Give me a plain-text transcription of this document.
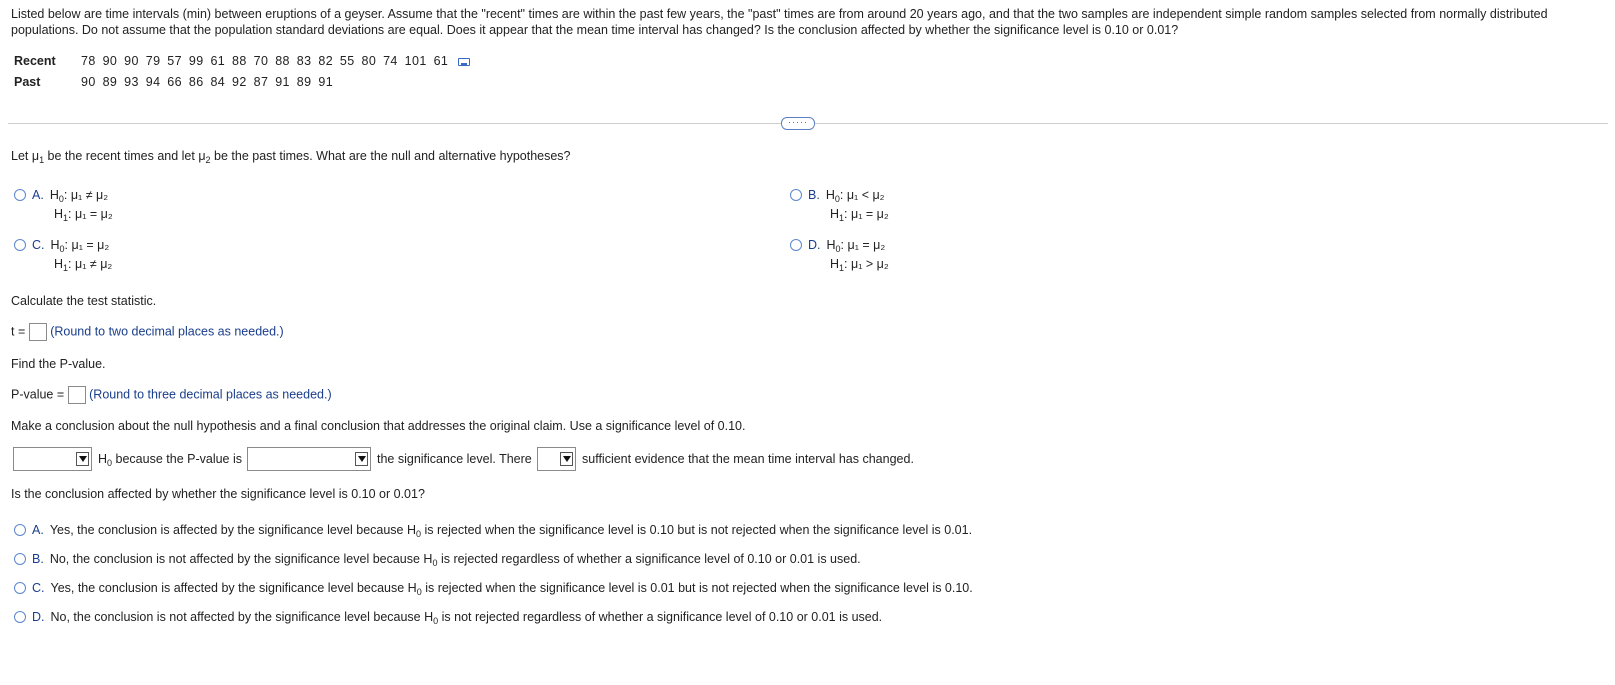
Listed below are time intervals (min) between eruptions of a geyser. Assume that the "recent" times are within the past few years, the "past" times are from around 20 years ago, and that the two samples are independent simple random samples selected from normally distributed populations. Do not assume that the population standard deviations are equal. Does it appear that the mean time interval has changed? Is the conclusion affected by whether the significance level is 0.10 or 0.01?
Recent 78 90 90 79 57 99 61 88 70 88 83 82 55 80 74 101 61
Past	90 89 93 94 66 86 84 92 87 91 89 91
·····
Let $\mu_1$ be the recent times and let $\mu_2$ be the past times. What are the null and alternative hypotheses?
A. $H_0$: μ₁ ≠ μ₂
$H_1$: μ₁ = μ₂
B. $H_0$: μ₁ < μ₂
$H_1$: μ₁ = μ₂
C. $H_0$: μ₁ = μ₂
$H_1$: μ₁ ≠ μ₂
D. $H_0$: μ₁ = μ₂
$H_1$: μ₁ > μ₂
Calculate the test statistic.
t = (Round to two decimal places as needed.)
Find the P-value.
P-value = (Round to three decimal places as needed.)
Make a conclusion about the null hypothesis and a final conclusion that addresses the original claim. Use a significance level of 0.10.
$H_0$ because the P-value is	the significance level. There	sufficient evidence that the mean time interval has changed.
Is the conclusion affected by whether the significance level is 0.10 or 0.01?
A. Yes, the conclusion is affected by the significance level because $H_0$ is rejected when the significance level is 0.10 but is not rejected when the significance level is 0.01.
B. No, the conclusion is not affected by the significance level because $H_0$ is rejected regardless of whether a significance level of 0.10 or 0.01 is used.
C. Yes, the conclusion is affected by the significance level because $H_0$ is rejected when the significance level is 0.01 but is not rejected when the significance level is 0.10.
D. No, the conclusion is not affected by the significance level because $H_0$ is not rejected regardless of whether a significance level of 0.10 or 0.01 is used.
